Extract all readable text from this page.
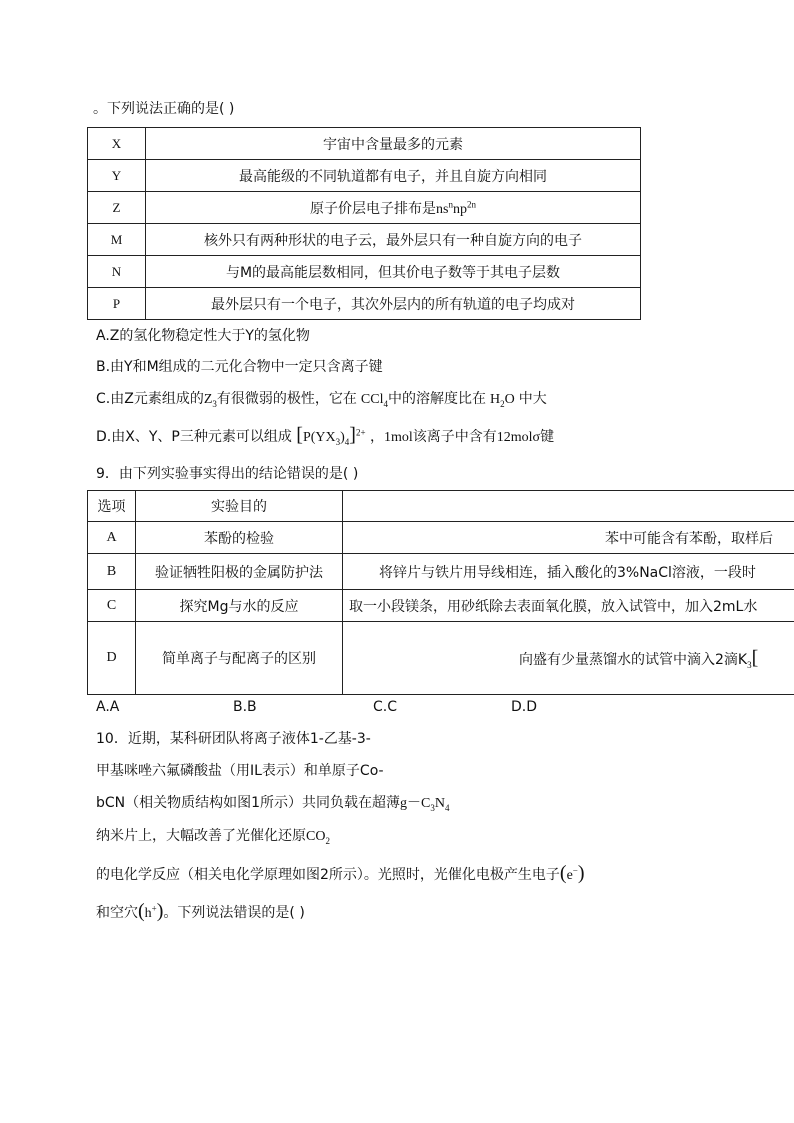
。下列说法正确的是( )
X	宇宙中含量最多的元素
Y	最高能级的不同轨道都有电子，并且自旋方向相同
Z	原子价层电子排布是$ns^nnp^{2n}$
M	核外只有两种形状的电子云，最外层只有一种自旋方向的电子
N	与M的最高能层数相同，但其价电子数等于其电子层数
P	最外层只有一个电子，其次外层内的所有轨道的电子均成对
A.Z的氢化物稳定性大于Y的氢化物
B.由Y和M组成的二元化合物中一定只含离子键
C.由Z元素组成的$Z_3$有很微弱的极性，它在 CCl$_4$中的溶解度比在 $H_2O$ 中大
D.由X、Y、P三种元素可以组成 $[P(YX_3)_4]^{2+}$ ，1mol该离子中含有12molσ键
9．由下列实验事实得出的结论错误的是( )
选项	实验目的	
A	苯酚的检验	苯中可能含有苯酚，取样后
B	验证牺牲阳极的金属防护法	将锌片与铁片用导线相连，插入酸化的3%NaCl溶液，一段时
C	探究Mg与水的反应	取一小段镁条，用砂纸除去表面氧化膜，放入试管中，加入2mL水
D	简单离子与配离子的区别	向盛有少量蒸馏水的试管中滴入2滴$K_3$[
A.A	B.B	C.C	D.D
10．近期，某科研团队将离子液体1-乙基-3-
甲基咪唑六氟磷酸盐（用IL表示）和单原子Co-
bCN（相关物质结构如图1所示）共同负载在超薄$g-C_3N_4$
纳米片上，大幅改善了光催化还原$CO_2$
的电化学反应（相关电化学原理如图2所示）。光照时，光催化电极产生电子(e−)
和空穴(h+)。下列说法错误的是( )
